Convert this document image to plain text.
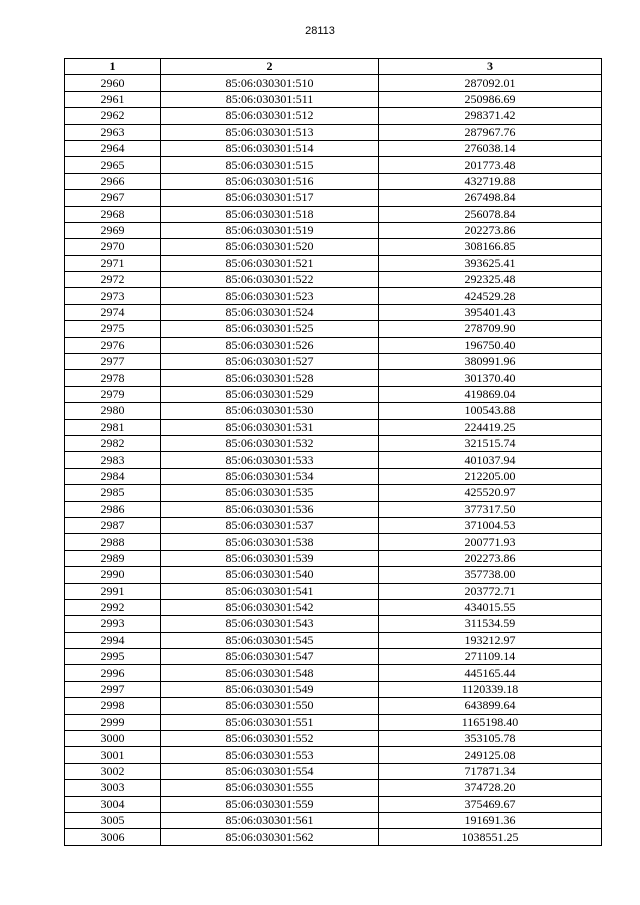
28113
1	2	3
2960	85:06:030301:510	287092.01
2961	85:06:030301:511	250986.69
2962	85:06:030301:512	298371.42
2963	85:06:030301:513	287967.76
2964	85:06:030301:514	276038.14
2965	85:06:030301:515	201773.48
2966	85:06:030301:516	432719.88
2967	85:06:030301:517	267498.84
2968	85:06:030301:518	256078.84
2969	85:06:030301:519	202273.86
2970	85:06:030301:520	308166.85
2971	85:06:030301:521	393625.41
2972	85:06:030301:522	292325.48
2973	85:06:030301:523	424529.28
2974	85:06:030301:524	395401.43
2975	85:06:030301:525	278709.90
2976	85:06:030301:526	196750.40
2977	85:06:030301:527	380991.96
2978	85:06:030301:528	301370.40
2979	85:06:030301:529	419869.04
2980	85:06:030301:530	100543.88
2981	85:06:030301:531	224419.25
2982	85:06:030301:532	321515.74
2983	85:06:030301:533	401037.94
2984	85:06:030301:534	212205.00
2985	85:06:030301:535	425520.97
2986	85:06:030301:536	377317.50
2987	85:06:030301:537	371004.53
2988	85:06:030301:538	200771.93
2989	85:06:030301:539	202273.86
2990	85:06:030301:540	357738.00
2991	85:06:030301:541	203772.71
2992	85:06:030301:542	434015.55
2993	85:06:030301:543	311534.59
2994	85:06:030301:545	193212.97
2995	85:06:030301:547	271109.14
2996	85:06:030301:548	445165.44
2997	85:06:030301:549	1120339.18
2998	85:06:030301:550	643899.64
2999	85:06:030301:551	1165198.40
3000	85:06:030301:552	353105.78
3001	85:06:030301:553	249125.08
3002	85:06:030301:554	717871.34
3003	85:06:030301:555	374728.20
3004	85:06:030301:559	375469.67
3005	85:06:030301:561	191691.36
3006	85:06:030301:562	1038551.25
